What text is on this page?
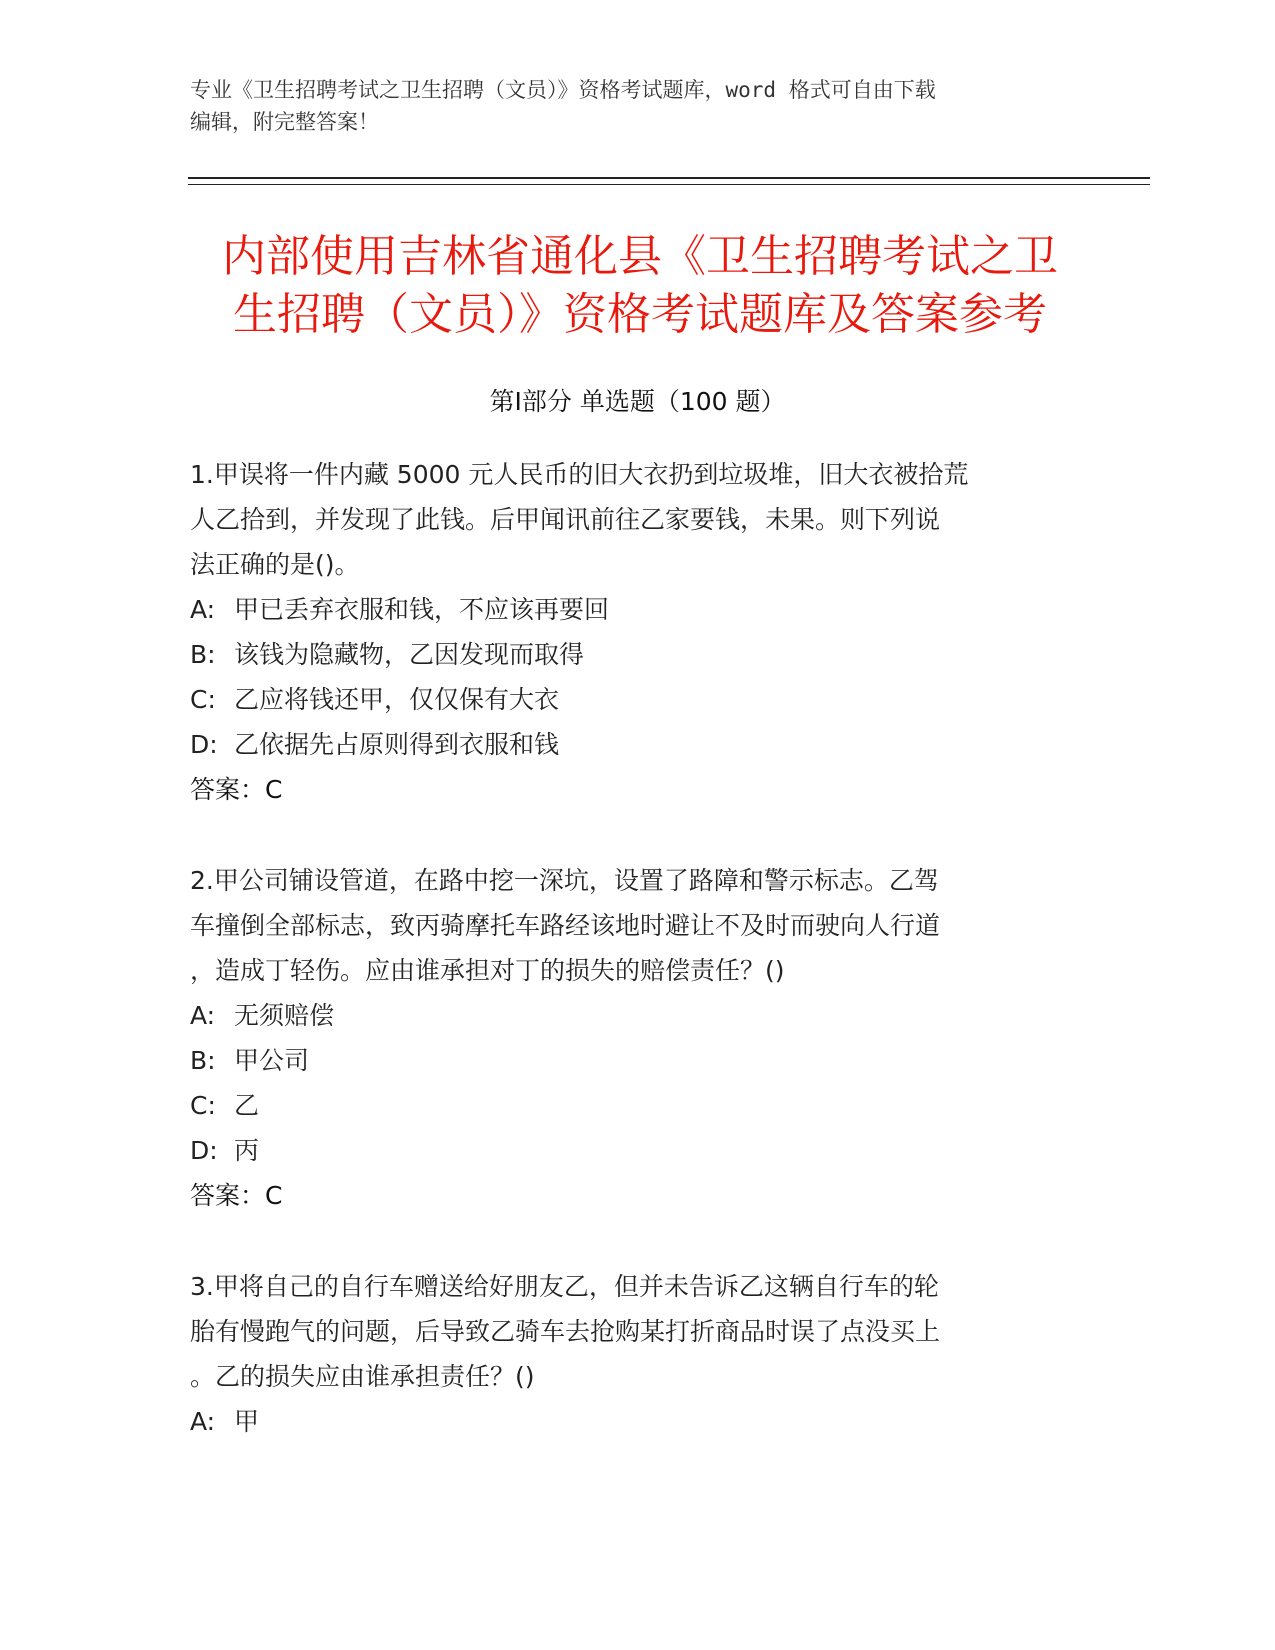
专业《卫生招聘考试之卫生招聘（文员）》资格考试题库，word 格式可自由下载
编辑，附完整答案！
内部使用吉林省通化县《卫生招聘考试之卫
生招聘（文员）》资格考试题库及答案参考
第Ⅰ部分 单选题（100 题）

1.甲误将一件内藏 5000 元人民币的旧大衣扔到垃圾堆，旧大衣被拾荒

人乙拾到，并发现了此钱。后甲闻讯前往乙家要钱，未果。则下列说

法正确的是()。

A: 甲已丢弃衣服和钱，不应该再要回

B: 该钱为隐藏物，乙因发现而取得

C: 乙应将钱还甲，仅仅保有大衣

D: 乙依据先占原则得到衣服和钱

答案：C

2.甲公司铺设管道，在路中挖一深坑，设置了路障和警示标志。乙驾

车撞倒全部标志，致丙骑摩托车路经该地时避让不及时而驶向人行道

，造成丁轻伤。应由谁承担对丁的损失的赔偿责任？()

A: 无须赔偿

B: 甲公司

C: 乙

D: 丙

答案：C

3.甲将自己的自行车赠送给好朋友乙，但并未告诉乙这辆自行车的轮

胎有慢跑气的问题，后导致乙骑车去抢购某打折商品时误了点没买上

。乙的损失应由谁承担责任？()

A: 甲
